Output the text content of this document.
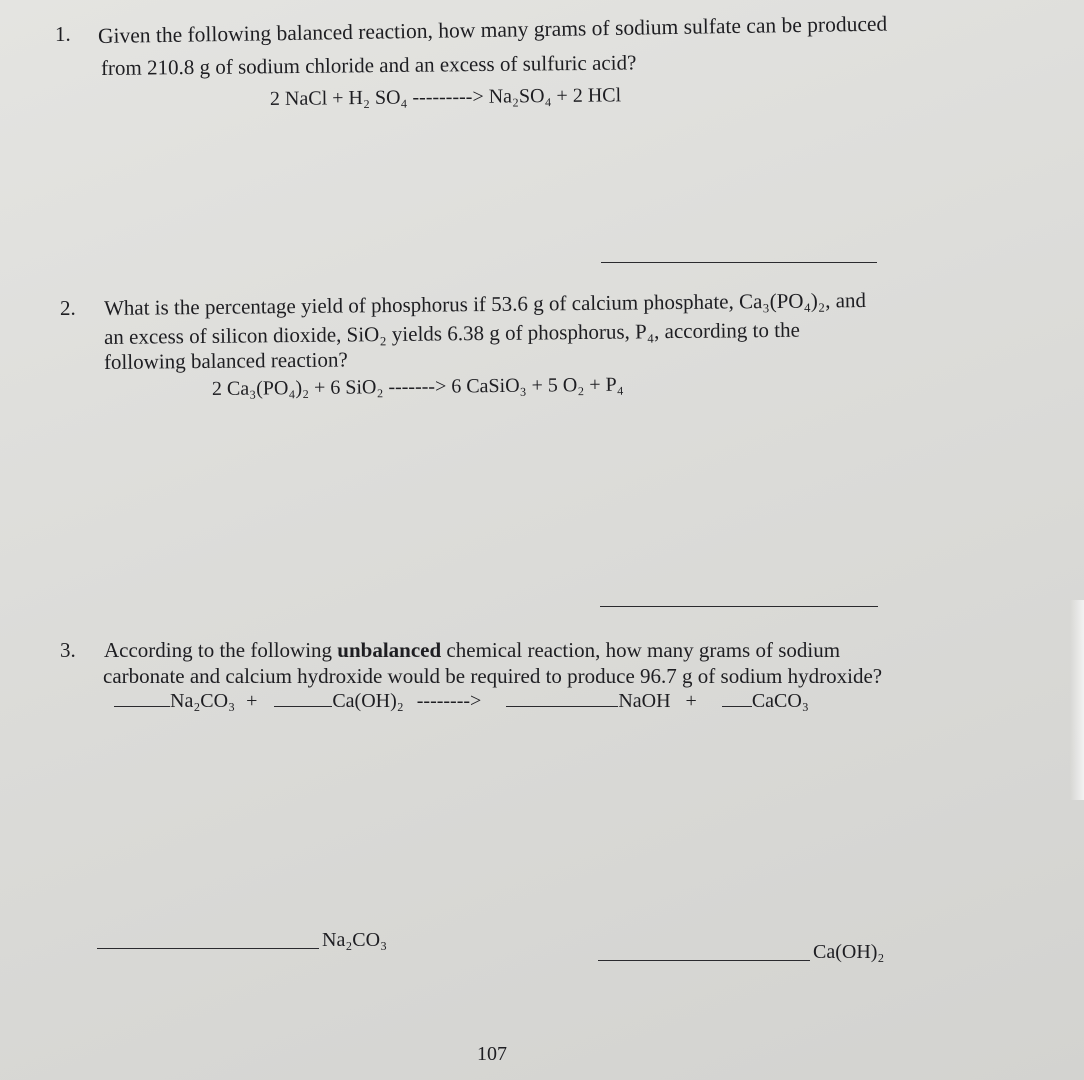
1. Given the following balanced reaction, how many grams of sodium sulfate can be produced
from 210.8 g of sodium chloride and an excess of sulfuric acid?
2 NaCl + H₂ SO₄ ---------> Na₂SO₄ + 2 HCl
2. What is the percentage yield of phosphorus if 53.6 g of calcium phosphate, Ca₃(PO₄)₂, and
an excess of silicon dioxide, SiO₂ yields 6.38 g of phosphorus, P₄, according to the
following balanced reaction?
2 Ca₃(PO₄)₂ + 6 SiO₂ -------> 6 CaSiO₃ + 5 O₂ + P₄
3. According to the following unbalanced chemical reaction, how many grams of sodium
carbonate and calcium hydroxide would be required to produce 96.7 g of sodium hydroxide?
Na₂CO₃ +	Ca(OH)₂ -------->	NaOH +	CaCO₃
Na₂CO₃
Ca(OH)₂
107
